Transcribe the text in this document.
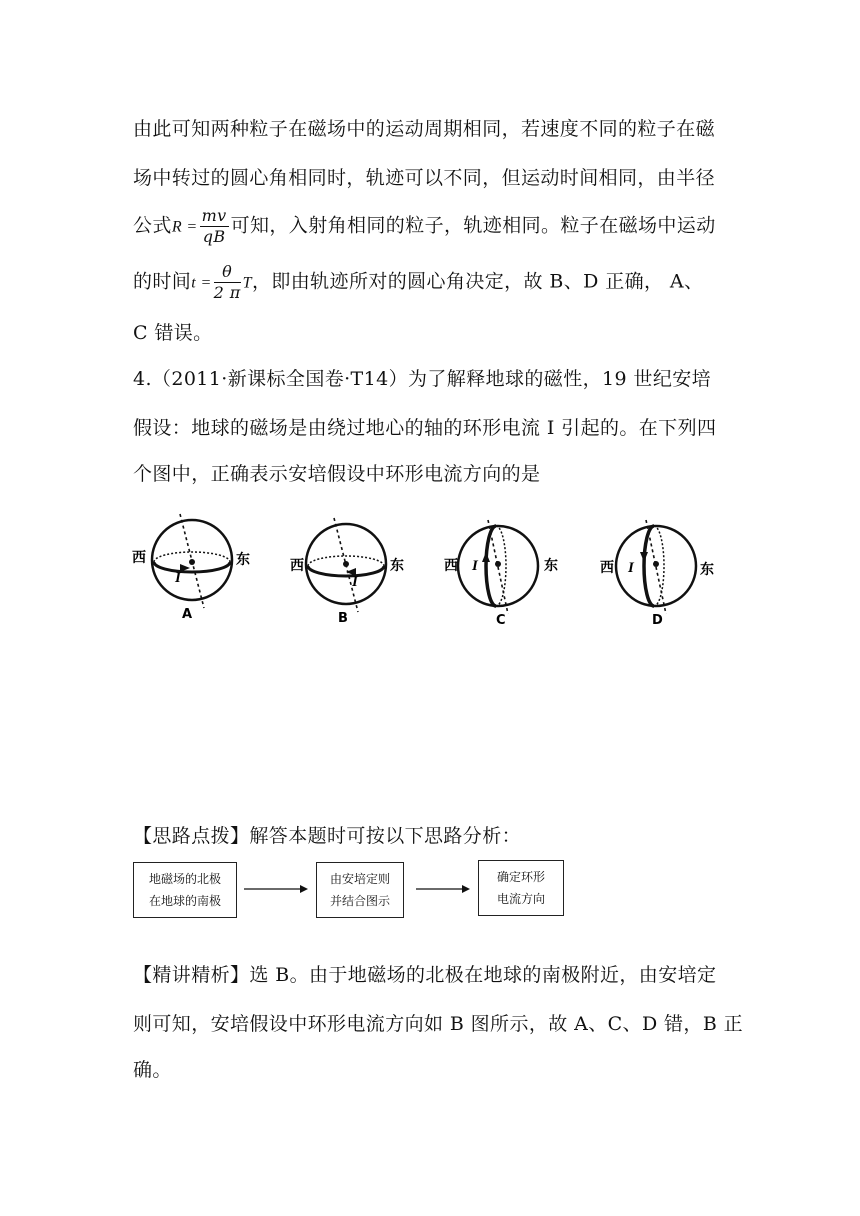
由此可知两种粒子在磁场中的运动周期相同，若速度不同的粒子在磁
场中转过的圆心角相同时，轨迹可以不同，但运动时间相同，由半径
公式$R = \frac{mv}{qB}$ 可知，入射角相同的粒子，轨迹相同。粒子在磁场中运动
的时间$t = \frac{\theta}{2 \pi}$ T，即由轨迹所对的圆心角决定，故 B、D 正确， A、
C 错误。
4.（2011·新课标全国卷·T14）为了解释地球的磁性，19 世纪安培
假设：地球的磁场是由绕过地心的轴的环形电流 I 引起的。在下列四
个图中，正确表示安培假设中环形电流方向的是
西	东
I
A
西	东
I
B
西	东
I
C
西	东
I
D
【思路点拨】解答本题时可按以下思路分析：
地磁场的北极
在地球的南极
由安培定则
并结合图示
确定环形
电流方向
【精讲精析】选 B。由于地磁场的北极在地球的南极附近，由安培定
则可知，安培假设中环形电流方向如 B 图所示，故 A、C、D 错，B 正
确。
